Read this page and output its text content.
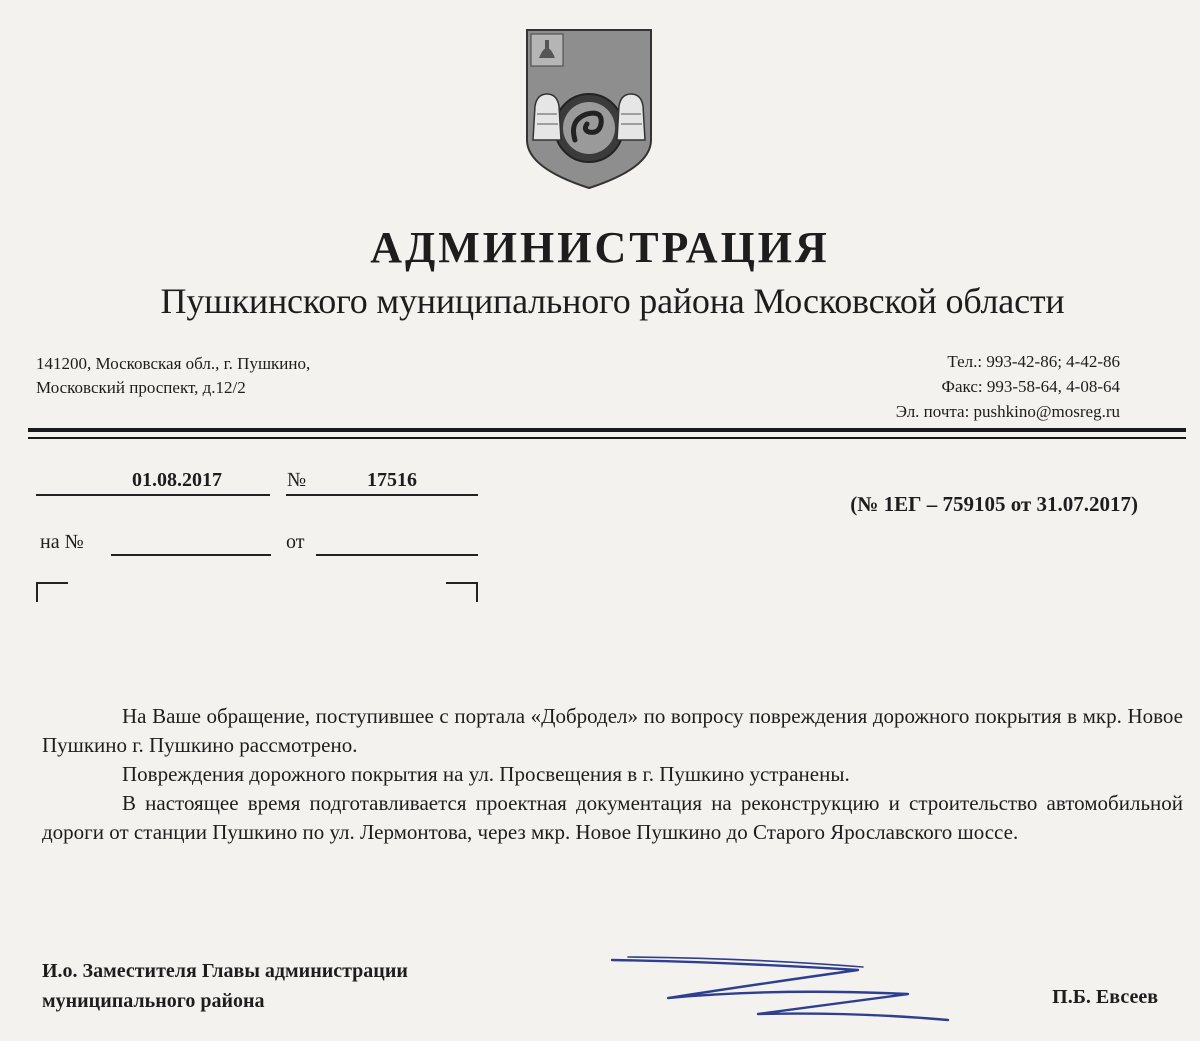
АДМИНИСТРАЦИЯ
Пушкинского муниципального района Московской области
141200, Московская обл., г. Пушкино,
Московский проспект, д.12/2
Тел.: 993-42-86; 4-42-86
Факс: 993-58-64, 4-08-64
Эл. почта: pushkino@mosreg.ru
01.08.2017	№	17516
(№ 1ЕГ – 759105 от 31.07.2017)
на №	от

На Ваше обращение, поступившее с портала «Добродел» по вопросу повреждения дорожного покрытия в мкр. Новое Пушкино г. Пушкино рассмотрено.

Повреждения дорожного покрытия на ул. Просвещения в г. Пушкино устранены.

В настоящее время подготавливается проектная документация на реконструкцию и строительство автомобильной дороги от станции Пушкино по ул. Лермонтова, через мкр. Новое Пушкино до Старого Ярославского шоссе.

И.о. Заместителя Главы администрации
муниципального района	П.Б. Евсеев
